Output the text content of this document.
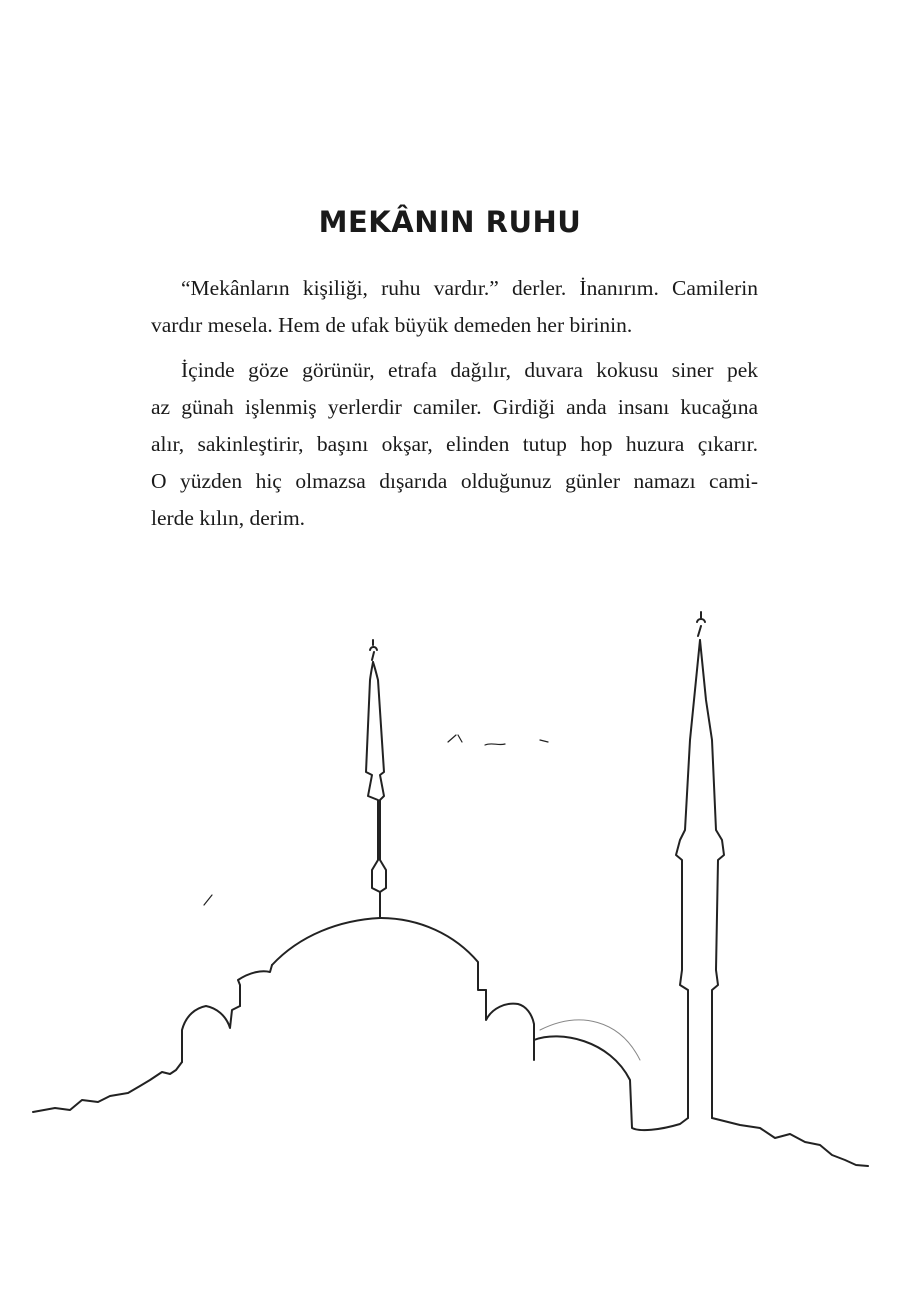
MEKÂNIN RUHU

“Mekânların kişiliği, ruhu vardır.” derler. İnanırım. Camilerin
vardır mesela. Hem de ufak büyük demeden her birinin.

İçinde göze görünür, etrafa dağılır, duvara kokusu siner pek
az günah işlenmiş yerlerdir camiler. Girdiği anda insanı kucağına
alır, sakinleştirir, başını okşar, elinden tutup hop huzura çıkarır.
O yüzden hiç olmazsa dışarıda olduğunuz günler namazı cami-
lerde kılın, derim.
